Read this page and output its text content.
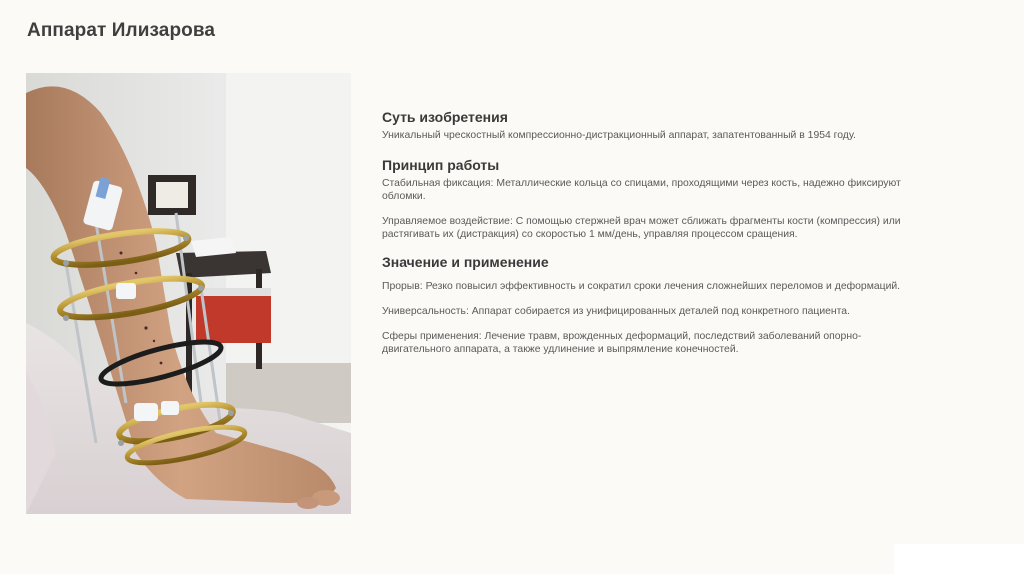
Аппарат Илизарова
Суть изобретения

Уникальный чрескостный компрессионно-дистракционный аппарат, запатентованный в 1954 году.

Принцип работы

Стабильная фиксация: Металлические кольца со спицами, проходящими через кость, надежно фиксируют обломки.

Управляемое воздействие: С помощью стержней врач может сближать фрагменты кости (компрессия) или растягивать их (дистракция) со скоростью 1 мм/день, управляя процессом сращения.

Значение и применение

Прорыв: Резко повысил эффективность и сократил сроки лечения сложнейших переломов и деформаций.

Универсальность: Аппарат собирается из унифицированных деталей под конкретного пациента.

Сферы применения: Лечение травм, врожденных деформаций, последствий заболеваний опорно-двигательного аппарата, а также удлинение и выпрямление конечностей.
